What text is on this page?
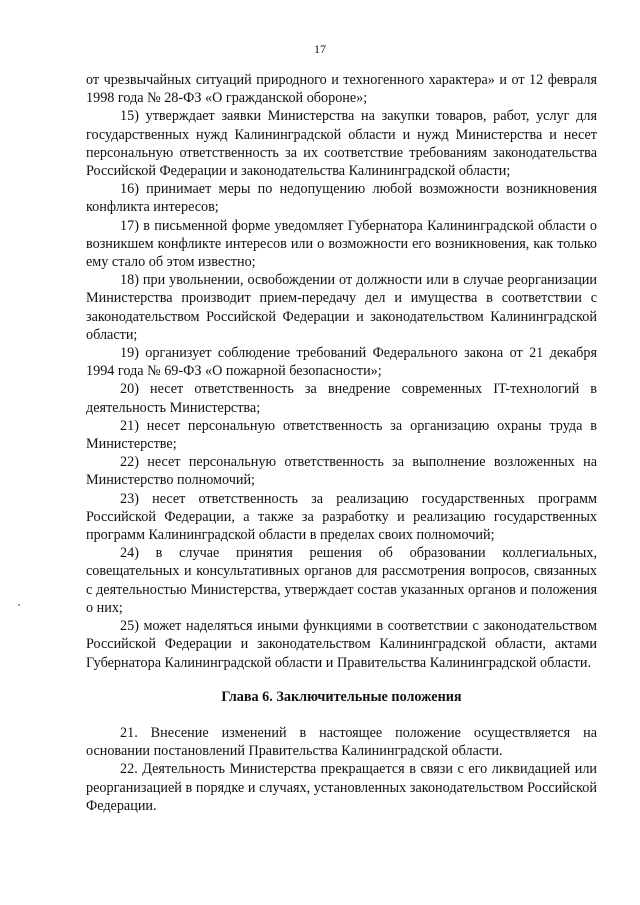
17

от чрезвычайных ситуаций природного и техногенного характера» и от 12 февраля 1998 года № 28-ФЗ «О гражданской обороне»;

15) утверждает заявки Министерства на закупки товаров, работ, услуг для государственных нужд Калининградской области и нужд Министерства и несет персональную ответственность за их соответствие требованиям законодательства Российской Федерации и законодательства Калининградской области;

16) принимает меры по недопущению любой возможности возникновения конфликта интересов;

17) в письменной форме уведомляет Губернатора Калининградской области о возникшем конфликте интересов или о возможности его возникновения, как только ему стало об этом известно;

18) при увольнении, освобождении от должности или в случае реорганизации Министерства производит прием-передачу дел и имущества в соответствии с законодательством Российской Федерации и законодательством Калининградской области;

19) организует соблюдение требований Федерального закона от 21 декабря 1994 года № 69-ФЗ «О пожарной безопасности»;

20) несет ответственность за внедрение современных IT-технологий в деятельность Министерства;

21) несет персональную ответственность за организацию охраны труда в Министерстве;

22) несет персональную ответственность за выполнение возложенных на Министерство полномочий;

23) несет ответственность за реализацию государственных программ Российской Федерации, а также за разработку и реализацию государственных программ Калининградской области в пределах своих полномочий;

24) в случае принятия решения об образовании коллегиальных, совещательных и консультативных органов для рассмотрения вопросов, связанных с деятельностью Министерства, утверждает состав указанных органов и положения о них;

25) может наделяться иными функциями в соответствии с законодательством Российской Федерации и законодательством Калининградской области, актами Губернатора Калининградской области и Правительства Калининградской области.

Глава 6. Заключительные положения

21. Внесение изменений в настоящее положение осуществляется на основании постановлений Правительства Калининградской области.

22. Деятельность Министерства прекращается в связи с его ликвидацией или реорганизацией в порядке и случаях, установленных законодательством Российской Федерации.
